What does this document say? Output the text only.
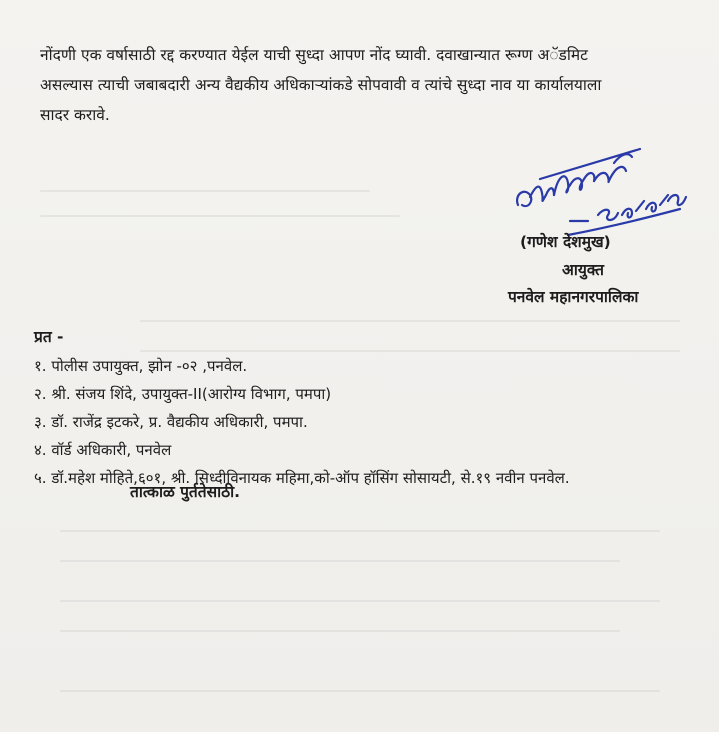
नोंदणी एक वर्षासाठी रद्द करण्यात येईल याची सुध्दा आपण नोंद घ्यावी. दवाखान्यात रूग्ण अॅडमिट
असल्यास त्याची जबाबदारी अन्य वैद्यकीय अधिकाऱ्यांकडे सोपवावी व त्यांचे सुध्दा नाव या कार्यालयाला
सादर करावे.

(गणेश देशमुख)

आयुक्त

पनवेल महानगरपालिका

प्रत -

१. पोलीस उपायुक्त, झोन -०२ ,पनवेल.
२. श्री. संजय शिंदे, उपायुक्त-II(आरोग्य विभाग, पमपा)
३. डॉ. राजेंद्र इटकरे, प्र. वैद्यकीय अधिकारी, पमपा.
४. वॉर्ड अधिकारी, पनवेल
५. डॉ.महेश मोहिते,६०१, श्री. सिध्दीविनायक महिमा,को-ऑप हॉसिंग सोसायटी, से.१९ नवीन पनवेल.

तात्काळ पुर्ततेसाठी.
